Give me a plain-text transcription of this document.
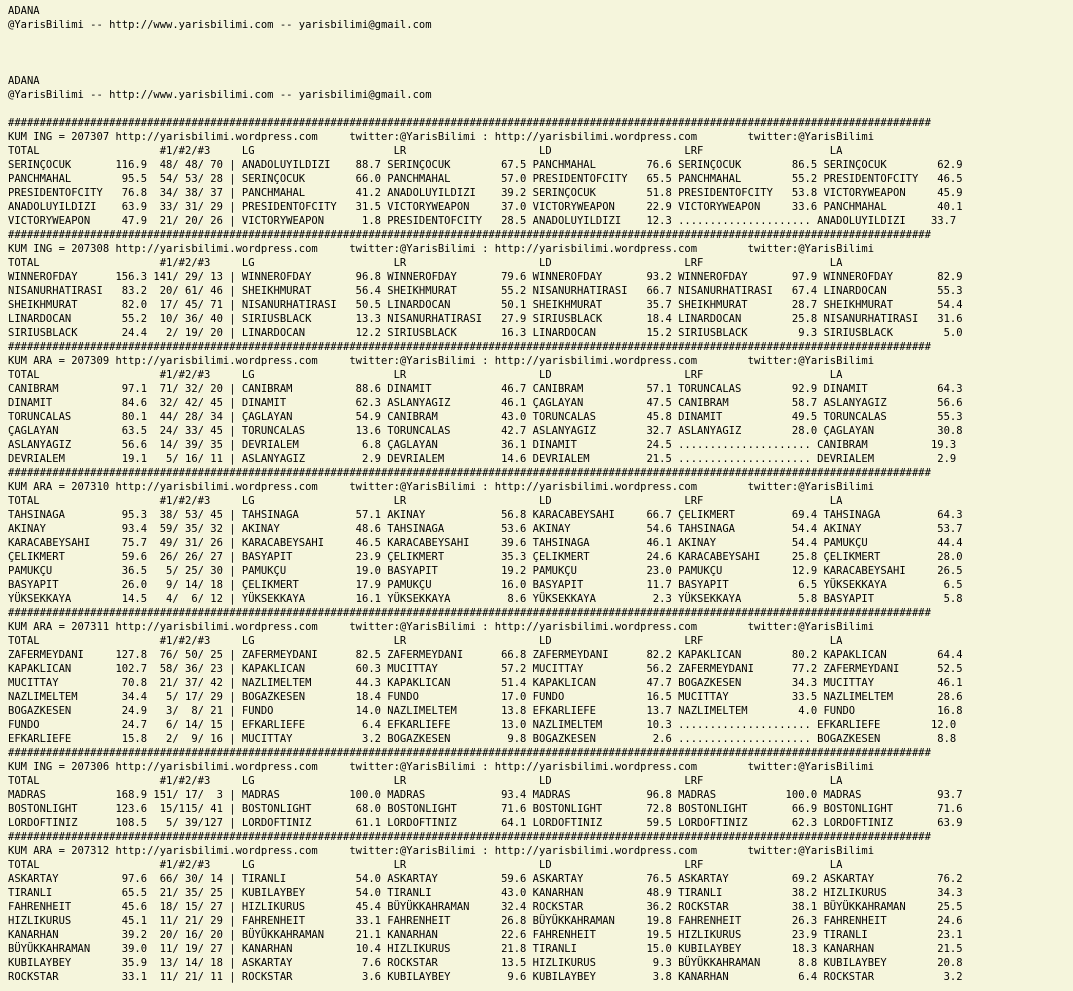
ADANA
@YarisBilimi -- http://www.yarisbilimi.com -- yarisbilimi@gmail.com
ADANA
@YarisBilimi -- http://www.yarisbilimi.com -- yarisbilimi@gmail.com
##################################################################################################################################################
KUM ING = 207307 http://yarisbilimi.wordpress.com     twitter:@YarisBilimi : http://yarisbilimi.wordpress.com        twitter:@YarisBilimi
TOTAL                   #1/#2/#3     LG                      LR                     LD                     LRF                    LA
SERINÇOCUK       116.9  48/ 48/ 70 | ANADOLUYILDIZI    88.7 SERINÇOCUK        67.5 PANCHMAHAL        76.6 SERINÇOCUK        86.5 SERINÇOCUK        62.9
PANCHMAHAL        95.5  54/ 53/ 28 | SERINÇOCUK        66.0 PANCHMAHAL        57.0 PRESIDENTOFCITY   65.5 PANCHMAHAL        55.2 PRESIDENTOFCITY   46.5
PRESIDENTOFCITY   76.8  34/ 38/ 37 | PANCHMAHAL        41.2 ANADOLUYILDIZI    39.2 SERINÇOCUK        51.8 PRESIDENTOFCITY   53.8 VICTORYWEAPON     45.9
ANADOLUYILDIZI    63.9  33/ 31/ 29 | PRESIDENTOFCITY   31.5 VICTORYWEAPON     37.0 VICTORYWEAPON     22.9 VICTORYWEAPON     33.6 PANCHMAHAL        40.1
VICTORYWEAPON     47.9  21/ 20/ 26 | VICTORYWEAPON      1.8 PRESIDENTOFCITY   28.5 ANADOLUYILDIZI    12.3 ..................... ANADOLUYILDIZI    33.7
##################################################################################################################################################
KUM ING = 207308 http://yarisbilimi.wordpress.com     twitter:@YarisBilimi : http://yarisbilimi.wordpress.com        twitter:@YarisBilimi
TOTAL                   #1/#2/#3     LG                      LR                     LD                     LRF                    LA
WINNEROFDAY      156.3 141/ 29/ 13 | WINNEROFDAY       96.8 WINNEROFDAY       79.6 WINNEROFDAY       93.2 WINNEROFDAY       97.9 WINNEROFDAY       82.9
NISANURHATIRASI   83.2  20/ 61/ 46 | SHEIKHMURAT       56.4 SHEIKHMURAT       55.2 NISANURHATIRASI   66.7 NISANURHATIRASI   67.4 LINARDOCAN        55.3
SHEIKHMURAT       82.0  17/ 45/ 71 | NISANURHATIRASI   50.5 LINARDOCAN        50.1 SHEIKHMURAT       35.7 SHEIKHMURAT       28.7 SHEIKHMURAT       54.4
LINARDOCAN        55.2  10/ 36/ 40 | SIRIUSBLACK       13.3 NISANURHATIRASI   27.9 SIRIUSBLACK       18.4 LINARDOCAN        25.8 NISANURHATIRASI   31.6
SIRIUSBLACK       24.4   2/ 19/ 20 | LINARDOCAN        12.2 SIRIUSBLACK       16.3 LINARDOCAN        15.2 SIRIUSBLACK        9.3 SIRIUSBLACK        5.0
##################################################################################################################################################
KUM ARA = 207309 http://yarisbilimi.wordpress.com     twitter:@YarisBilimi : http://yarisbilimi.wordpress.com        twitter:@YarisBilimi
TOTAL                   #1/#2/#3     LG                      LR                     LD                     LRF                    LA
CANIBRAM          97.1  71/ 32/ 20 | CANIBRAM          88.6 DINAMIT           46.7 CANIBRAM          57.1 TORUNCALAS        92.9 DINAMIT           64.3
DINAMIT           84.6  32/ 42/ 45 | DINAMIT           62.3 ASLANYAGIZ        46.1 ÇAGLAYAN          47.5 CANIBRAM          58.7 ASLANYAGIZ        56.6
TORUNCALAS        80.1  44/ 28/ 34 | ÇAGLAYAN          54.9 CANIBRAM          43.0 TORUNCALAS        45.8 DINAMIT           49.5 TORUNCALAS        55.3
ÇAGLAYAN          63.5  24/ 33/ 45 | TORUNCALAS        13.6 TORUNCALAS        42.7 ASLANYAGIZ        32.7 ASLANYAGIZ        28.0 ÇAGLAYAN          30.8
ASLANYAGIZ        56.6  14/ 39/ 35 | DEVRIALEM          6.8 ÇAGLAYAN          36.1 DINAMIT           24.5 ..................... CANIBRAM          19.3
DEVRIALEM         19.1   5/ 16/ 11 | ASLANYAGIZ         2.9 DEVRIALEM         14.6 DEVRIALEM         21.5 ..................... DEVRIALEM          2.9
##################################################################################################################################################
KUM ARA = 207310 http://yarisbilimi.wordpress.com     twitter:@YarisBilimi : http://yarisbilimi.wordpress.com        twitter:@YarisBilimi
TOTAL                   #1/#2/#3     LG                      LR                     LD                     LRF                    LA
TAHSINAGA         95.3  38/ 53/ 45 | TAHSINAGA         57.1 AKINAY            56.8 KARACABEYSAHI     66.7 ÇELIKMERT         69.4 TAHSINAGA         64.3
AKINAY            93.4  59/ 35/ 32 | AKINAY            48.6 TAHSINAGA         53.6 AKINAY            54.6 TAHSINAGA         54.4 AKINAY            53.7
KARACABEYSAHI     75.7  49/ 31/ 26 | KARACABEYSAHI     46.5 KARACABEYSAHI     39.6 TAHSINAGA         46.1 AKINAY            54.4 PAMUKÇU           44.4
ÇELIKMERT         59.6  26/ 26/ 27 | BASYAPIT          23.9 ÇELIKMERT         35.3 ÇELIKMERT         24.6 KARACABEYSAHI     25.8 ÇELIKMERT         28.0
PAMUKÇU           36.5   5/ 25/ 30 | PAMUKÇU           19.0 BASYAPIT          19.2 PAMUKÇU           23.0 PAMUKÇU           12.9 KARACABEYSAHI     26.5
BASYAPIT          26.0   9/ 14/ 18 | ÇELIKMERT         17.9 PAMUKÇU           16.0 BASYAPIT          11.7 BASYAPIT           6.5 YÜKSEKKAYA         6.5
YÜKSEKKAYA        14.5   4/  6/ 12 | YÜKSEKKAYA        16.1 YÜKSEKKAYA         8.6 YÜKSEKKAYA         2.3 YÜKSEKKAYA         5.8 BASYAPIT           5.8
##################################################################################################################################################
KUM ARA = 207311 http://yarisbilimi.wordpress.com     twitter:@YarisBilimi : http://yarisbilimi.wordpress.com        twitter:@YarisBilimi
TOTAL                   #1/#2/#3     LG                      LR                     LD                     LRF                    LA
ZAFERMEYDANI     127.8  76/ 50/ 25 | ZAFERMEYDANI      82.5 ZAFERMEYDANI      66.8 ZAFERMEYDANI      82.2 KAPAKLICAN        80.2 KAPAKLICAN        64.4
KAPAKLICAN       102.7  58/ 36/ 23 | KAPAKLICAN        60.3 MUCITTAY          57.2 MUCITTAY          56.2 ZAFERMEYDANI      77.2 ZAFERMEYDANI      52.5
MUCITTAY          70.8  21/ 37/ 42 | NAZLIMELTEM       44.3 KAPAKLICAN        51.4 KAPAKLICAN        47.7 BOGAZKESEN        34.3 MUCITTAY          46.1
NAZLIMELTEM       34.4   5/ 17/ 29 | BOGAZKESEN        18.4 FUNDO             17.0 FUNDO             16.5 MUCITTAY          33.5 NAZLIMELTEM       28.6
BOGAZKESEN        24.9   3/  8/ 21 | FUNDO             14.0 NAZLIMELTEM       13.8 EFKARLIEFE        13.7 NAZLIMELTEM        4.0 FUNDO             16.8
FUNDO             24.7   6/ 14/ 15 | EFKARLIEFE         6.4 EFKARLIEFE        13.0 NAZLIMELTEM       10.3 ..................... EFKARLIEFE        12.0
EFKARLIEFE        15.8   2/  9/ 16 | MUCITTAY           3.2 BOGAZKESEN         9.8 BOGAZKESEN         2.6 ..................... BOGAZKESEN         8.8
##################################################################################################################################################
KUM ING = 207306 http://yarisbilimi.wordpress.com     twitter:@YarisBilimi : http://yarisbilimi.wordpress.com        twitter:@YarisBilimi
TOTAL                   #1/#2/#3     LG                      LR                     LD                     LRF                    LA
MADRAS           168.9 151/ 17/  3 | MADRAS           100.0 MADRAS            93.4 MADRAS            96.8 MADRAS           100.0 MADRAS            93.7
BOSTONLIGHT      123.6  15/115/ 41 | BOSTONLIGHT       68.0 BOSTONLIGHT       71.6 BOSTONLIGHT       72.8 BOSTONLIGHT       66.9 BOSTONLIGHT       71.6
LORDOFTINIZ      108.5   5/ 39/127 | LORDOFTINIZ       61.1 LORDOFTINIZ       64.1 LORDOFTINIZ       59.5 LORDOFTINIZ       62.3 LORDOFTINIZ       63.9
##################################################################################################################################################
KUM ARA = 207312 http://yarisbilimi.wordpress.com     twitter:@YarisBilimi : http://yarisbilimi.wordpress.com        twitter:@YarisBilimi
TOTAL                   #1/#2/#3     LG                      LR                     LD                     LRF                    LA
ASKARTAY          97.6  66/ 30/ 14 | TIRANLI           54.0 ASKARTAY          59.6 ASKARTAY          76.5 ASKARTAY          69.2 ASKARTAY          76.2
TIRANLI           65.5  21/ 35/ 25 | KUBILAYBEY        54.0 TIRANLI           43.0 KANARHAN          48.9 TIRANLI           38.2 HIZLIKURUS        34.3
FAHRENHEIT        45.6  18/ 15/ 27 | HIZLIKURUS        45.4 BÜYÜKKAHRAMAN     32.4 ROCKSTAR          36.2 ROCKSTAR          38.1 BÜYÜKKAHRAMAN     25.5
HIZLIKURUS        45.1  11/ 21/ 29 | FAHRENHEIT        33.1 FAHRENHEIT        26.8 BÜYÜKKAHRAMAN     19.8 FAHRENHEIT        26.3 FAHRENHEIT        24.6
KANARHAN          39.2  20/ 16/ 20 | BÜYÜKKAHRAMAN     21.1 KANARHAN          22.6 FAHRENHEIT        19.5 HIZLIKURUS        23.9 TIRANLI           23.1
BÜYÜKKAHRAMAN     39.0  11/ 19/ 27 | KANARHAN          10.4 HIZLIKURUS        21.8 TIRANLI           15.0 KUBILAYBEY        18.3 KANARHAN          21.5
KUBILAYBEY        35.9  13/ 14/ 18 | ASKARTAY           7.6 ROCKSTAR          13.5 HIZLIKURUS         9.3 BÜYÜKKAHRAMAN      8.8 KUBILAYBEY        20.8
ROCKSTAR          33.1  11/ 21/ 11 | ROCKSTAR           3.6 KUBILAYBEY         9.6 KUBILAYBEY         3.8 KANARHAN           6.4 ROCKSTAR           3.2
